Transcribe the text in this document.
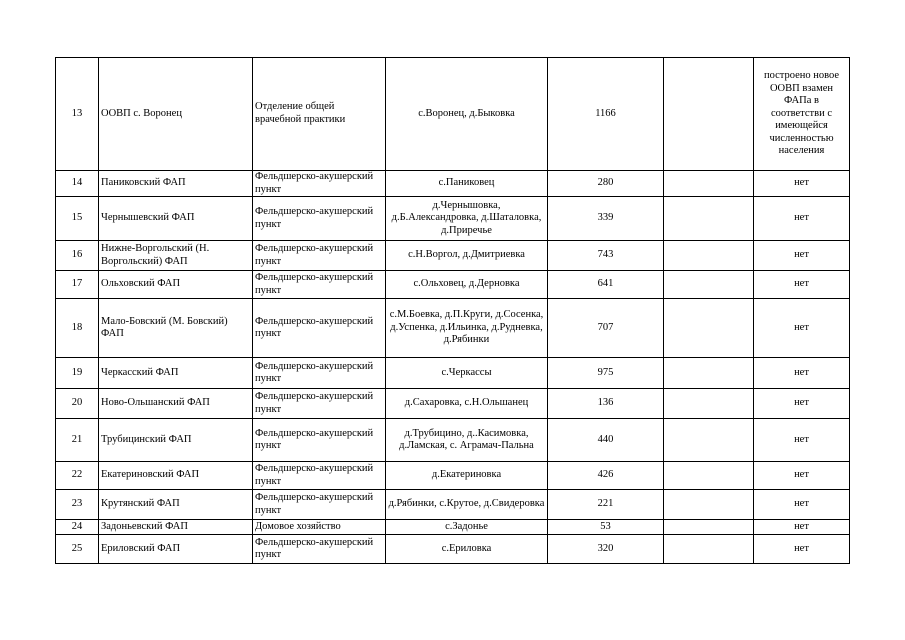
13	ООВП с. Воронец	Отделение общей врачебной практики	с.Воронец, д.Быковка	1166		построено новое ООВП взамен ФАПа в соответстви с имеющейся численностью населения
14	Паниковский ФАП	Фельдшерско-акушерский пункт	с.Паниковец	280		нет
15	Чернышевский ФАП	Фельдшерско-акушерский пункт	д.Чернышовка, д.Б.Александровка, д.Шаталовка, д.Приречье	339		нет
16	Нижне-Воргольский (Н. Воргольский) ФАП	Фельдшерско-акушерский пункт	с.Н.Воргол, д.Дмитриевка	743		нет
17	Ольховский ФАП	Фельдшерско-акушерский пункт	с.Ольховец, д.Дерновка	641		нет
18	Мало-Бовский (М. Бовский) ФАП	Фельдшерско-акушерский пункт	с.М.Боевка, д.П.Круги, д.Сосенка, д.Успенка, д.Ильинка, д.Рудневка, д.Рябинки	707		нет
19	Черкасский ФАП	Фельдшерско-акушерский пункт	с.Черкассы	975		нет
20	Ново-Ольшанский ФАП	Фельдшерско-акушерский пункт	д.Сахаровка, с.Н.Ольшанец	136		нет
21	Трубицинский ФАП	Фельдшерско-акушерский пункт	д.Трубицино, д..Касимовка, д.Ламская, с. Аграмач-Пальна	440		нет
22	Екатериновский ФАП	Фельдшерско-акушерский пункт	д.Екатериновка	426		нет
23	Крутянский ФАП	Фельдшерско-акушерский пункт	д.Рябинки, с.Крутое, д.Свидеровка	221		нет
24	Задоньевский ФАП	Домовое хозяйство	с.Задонье	53		нет
25	Ериловский ФАП	Фельдшерско-акушерский пункт	с.Ериловка	320		нет
